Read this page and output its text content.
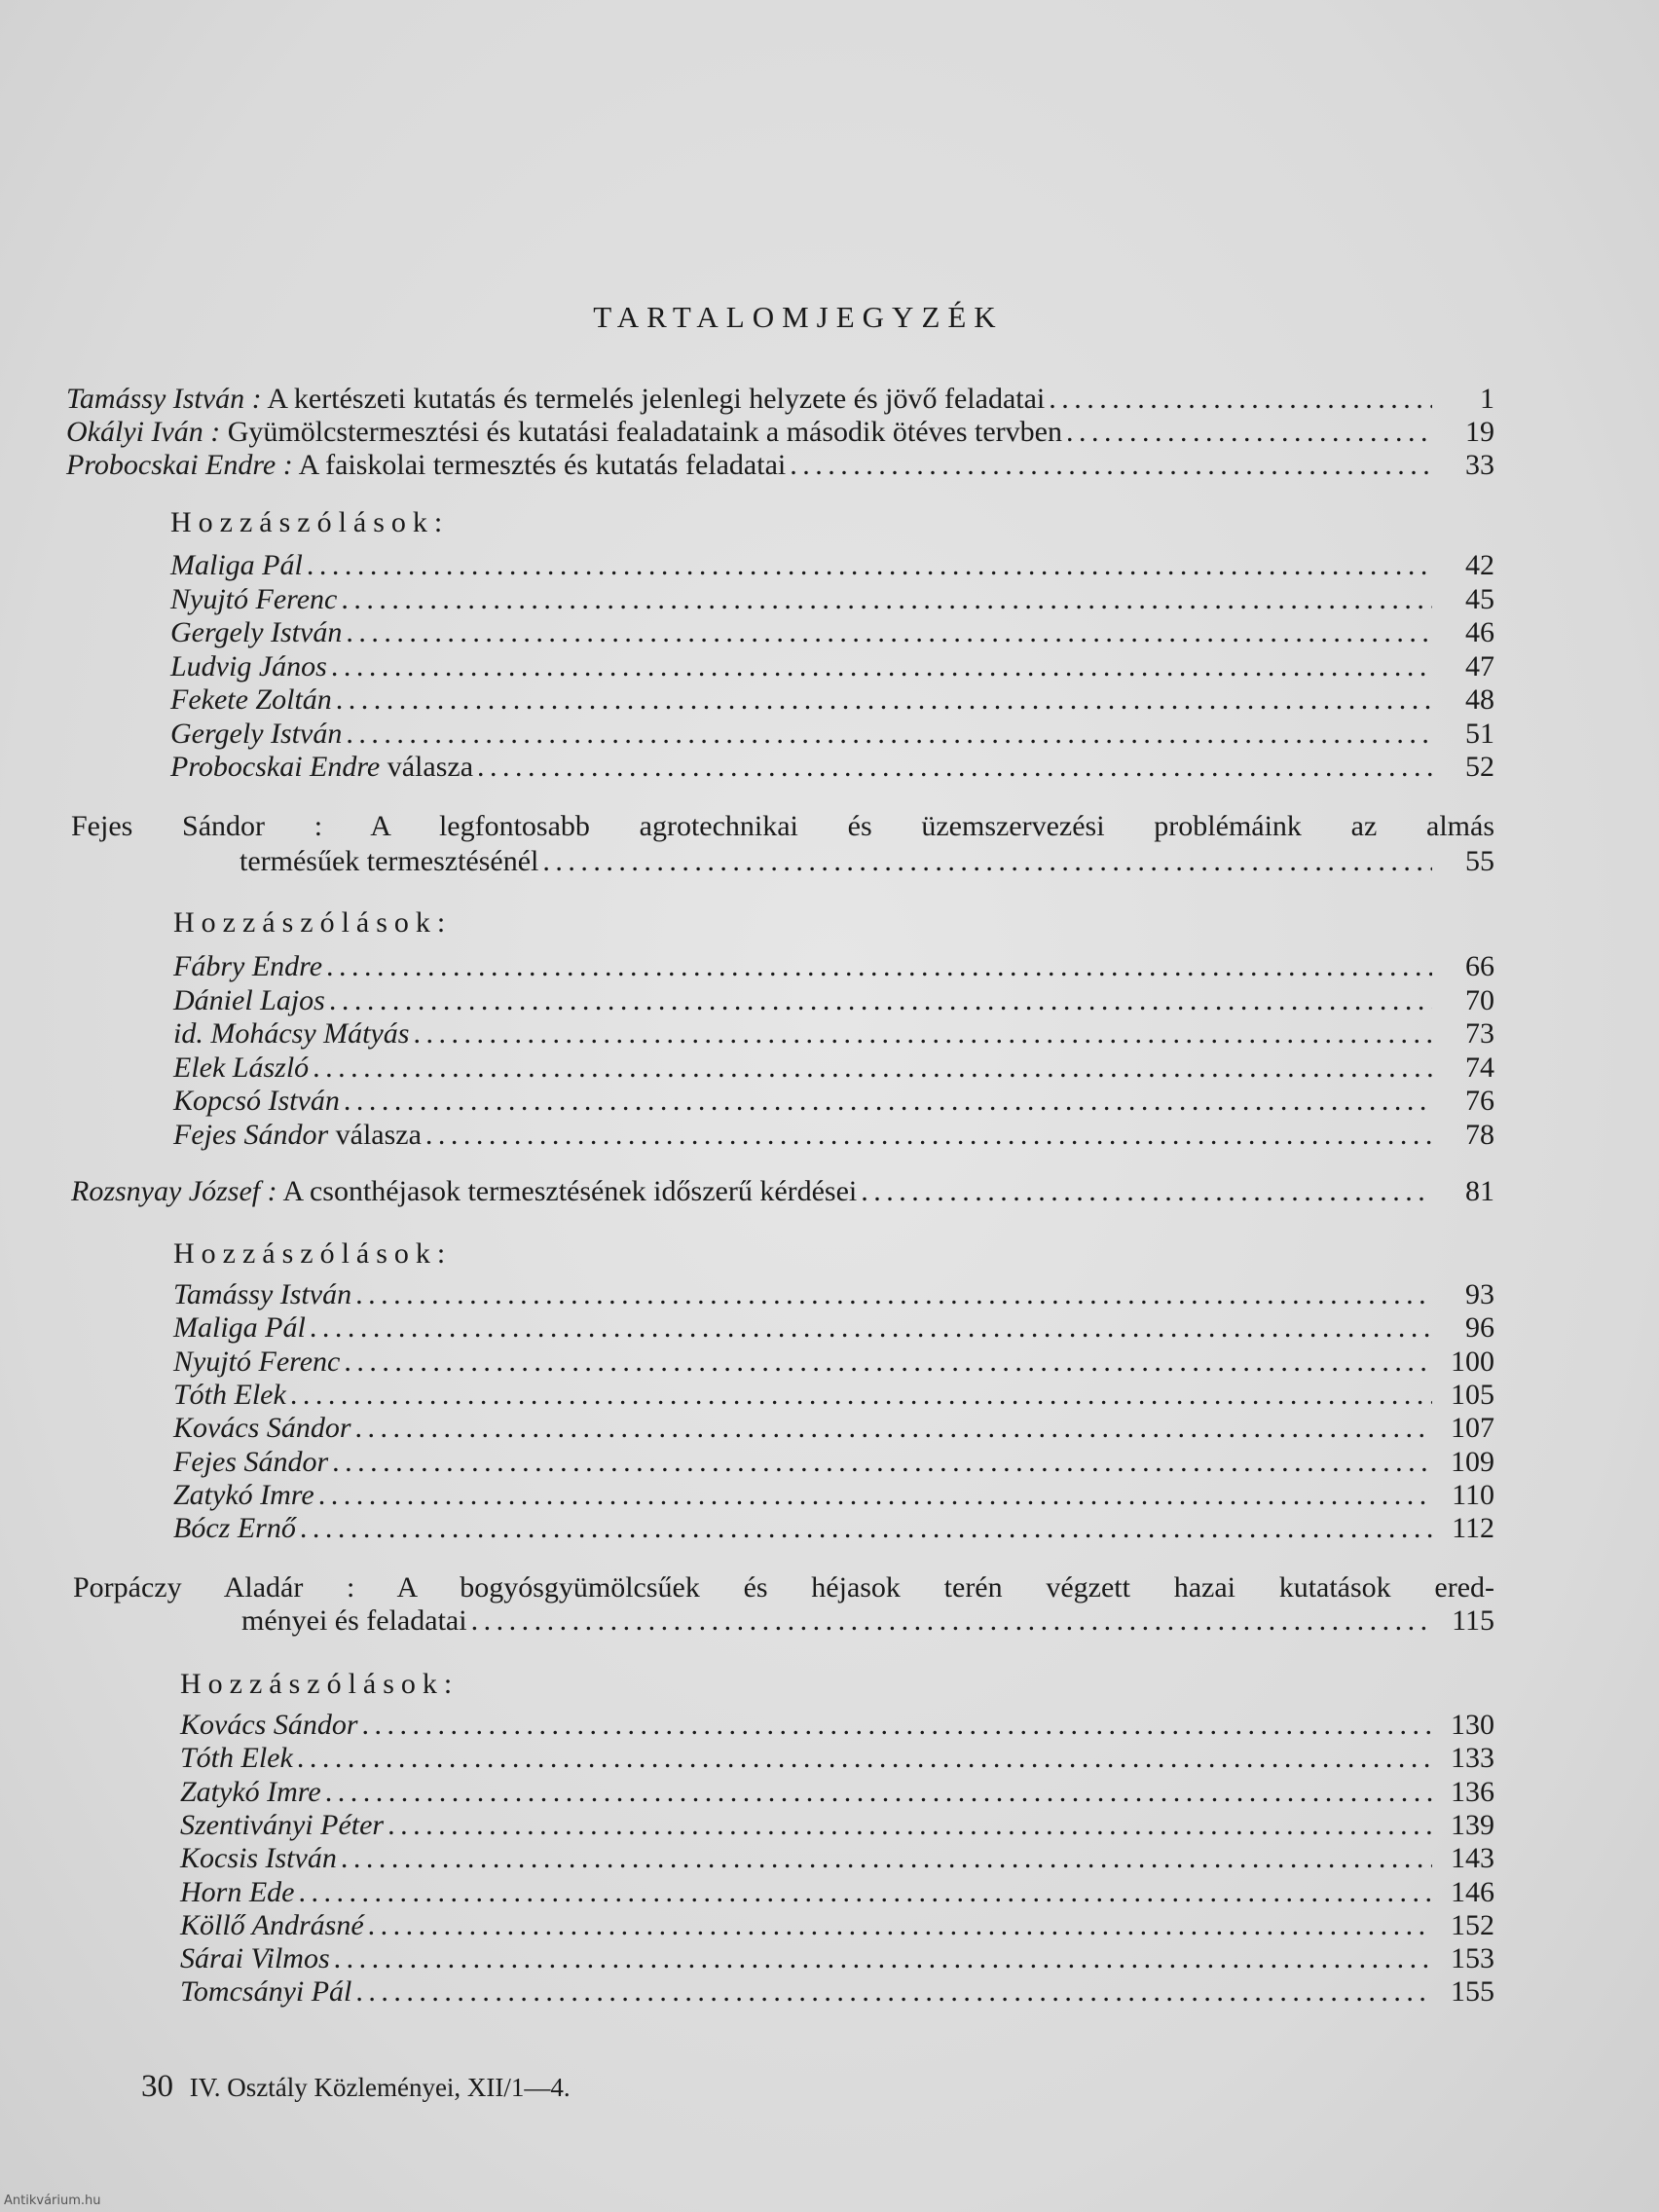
TARTALOMJEGYZÉK
Tamássy István : A kertészeti kutatás és termelés jelenlegi helyzete és jövő feladatai . . .	1
Okályi Iván : Gyümölcstermesztési és kutatási fealadataink a második ötéves tervben . . .	19
Probocskai Endre : A faiskolai termesztés és kutatás feladatai . . .	33
Hozzászólások:
Maliga Pál . . .	42
Nyujtó Ferenc . . .	45
Gergely István . . .	46
Ludvig János . . .	47
Fekete Zoltán . . .	48
Gergely István . . .	51
Probocskai Endre válasza . . .	52
Fejes Sándor : A legfontosabb agrotechnikai és üzemszervezési problémáink az almás
termésűek termesztésénél . . .	55
Hozzászólások:
Fábry Endre . . .	66
Dániel Lajos . . .	70
id. Mohácsy Mátyás . . .	73
Elek László . . .	74
Kopcsó István . . .	76
Fejes Sándor válasza . . .	78
Rozsnyay József : A csonthéjasok termesztésének időszerű kérdései . . .	81
Hozzászólások:
Tamássy István . . .	93
Maliga Pál . . .	96
Nyujtó Ferenc . . .	100
Tóth Elek . . .	105
Kovács Sándor . . .	107
Fejes Sándor . . .	109
Zatykó Imre . . .	110
Bócz Ernő . . .	112
Porpáczy Aladár : A bogyósgyümölcsűek és héjasok terén végzett hazai kutatások ered-
ményei és feladatai . . .	115
Hozzászólások:
Kovács Sándor . . .	130
Tóth Elek . . .	133
Zatykó Imre . . .	136
Szentiványi Péter . . .	139
Kocsis István . . .	143
Horn Ede . . .	146
Köllő Andrásné . . .	152
Sárai Vilmos . . .	153
Tomcsányi Pál . . .	155
30 IV. Osztály Közleményei, XII/1—4.
Antikvárium.hu
